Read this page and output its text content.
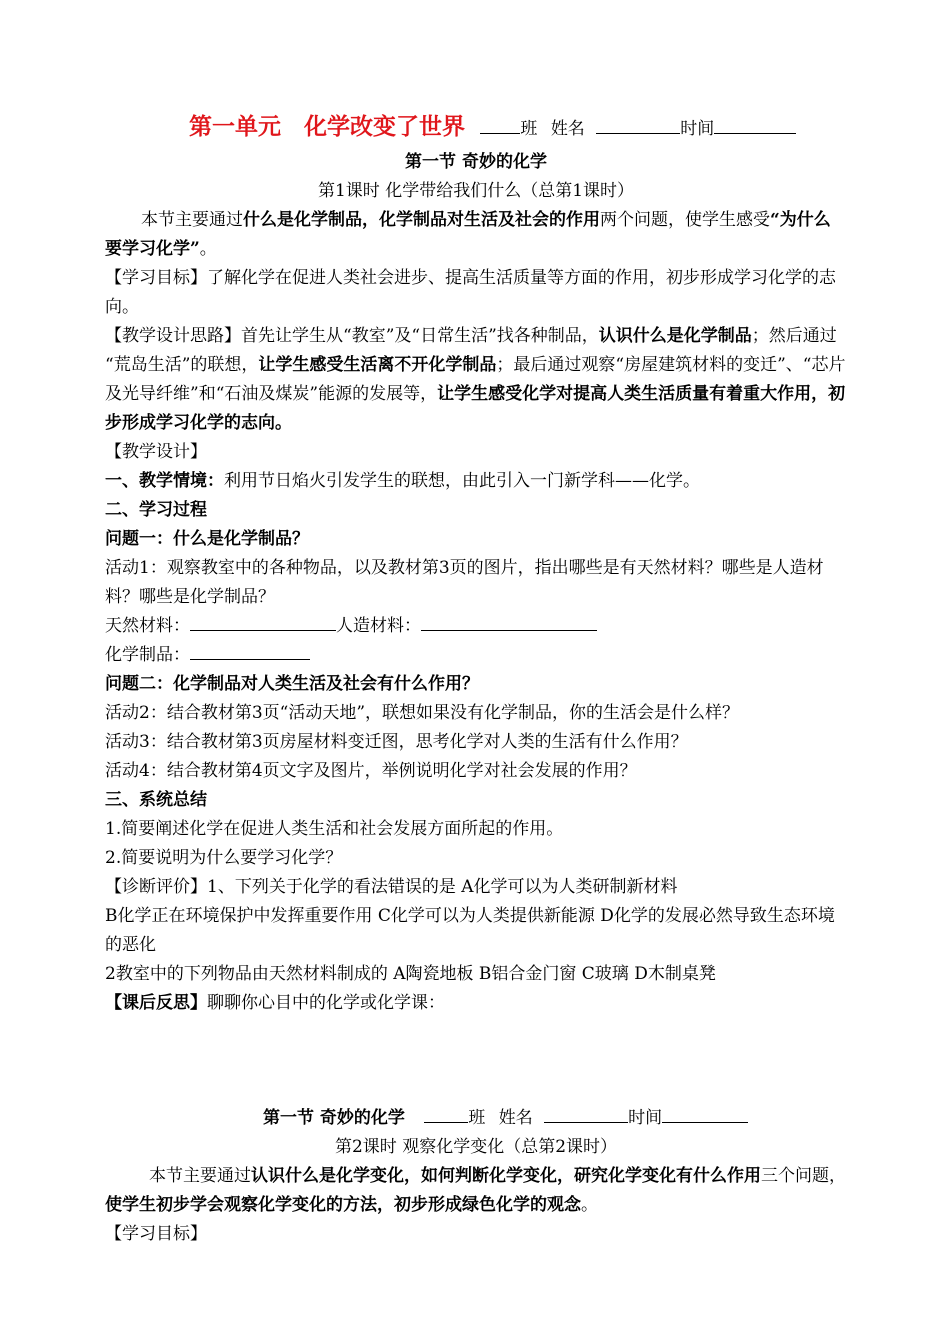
第一单元　化学改变了世界	班 姓名	时间
第一节 奇妙的化学
第1课时 化学带给我们什么（总第1课时）
本节主要通过什么是化学制品，化学制品对生活及社会的作用两个问题，使学生感受“为什么要学习化学”。
【学习目标】了解化学在促进人类社会进步、提高生活质量等方面的作用，初步形成学习化学的志向。
【教学设计思路】首先让学生从“教室”及“日常生活”找各种制品，认识什么是化学制品；然后通过 “荒岛生活”的联想，让学生感受生活离不开化学制品；最后通过观察“房屋建筑材料的变迁”、“芯片及光导纤维”和“石油及煤炭”能源的发展等，让学生感受化学对提高人类生活质量有着重大作用，初步形成学习化学的志向。
【教学设计】
一、教学情境：利用节日焰火引发学生的联想，由此引入一门新学科——化学。
二、学习过程
问题一：什么是化学制品？
活动1：观察教室中的各种物品，以及教材第3页的图片，指出哪些是有天然材料？哪些是人造材料？哪些是化学制品？
天然材料：	人造材料：
化学制品：
问题二：化学制品对人类生活及社会有什么作用？
活动2：结合教材第3页“活动天地”，联想如果没有化学制品，你的生活会是什么样？
活动3：结合教材第3页房屋材料变迁图，思考化学对人类的生活有什么作用？
活动4：结合教材第4页文字及图片，举例说明化学对社会发展的作用？
三、系统总结
1.简要阐述化学在促进人类生活和社会发展方面所起的作用。
2.简要说明为什么要学习化学？
【诊断评价】1、下列关于化学的看法错误的是 A化学可以为人类研制新材料
B化学正在环境保护中发挥重要作用 C化学可以为人类提供新能源 D化学的发展必然导致生态环境的恶化
2教室中的下列物品由天然材料制成的 A陶瓷地板 B铝合金门窗 C玻璃 D木制桌凳
【课后反思】聊聊你心目中的化学或化学课：
第一节 奇妙的化学	班 姓名	时间
第2课时 观察化学变化（总第2课时）
本节主要通过认识什么是化学变化，如何判断化学变化，研究化学变化有什么作用三个问题，使学生初步学会观察化学变化的方法，初步形成绿色化学的观念。
【学习目标】
